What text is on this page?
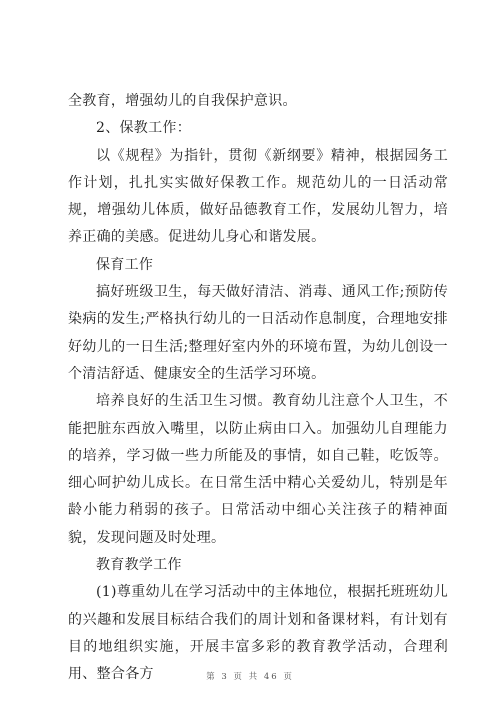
全教育，增强幼儿的自我保护意识。

2、保教工作：

以《规程》为指针，贯彻《新纲要》精神，根据园务工作计划，扎扎实实做好保教工作。规范幼儿的一日活动常规，增强幼儿体质，做好品德教育工作，发展幼儿智力，培养正确的美感。促进幼儿身心和谐发展。

保育工作

搞好班级卫生，每天做好清洁、消毒、通风工作;预防传染病的发生;严格执行幼儿的一日活动作息制度，合理地安排好幼儿的一日生活;整理好室内外的环境布置，为幼儿创设一个清洁舒适、健康安全的生活学习环境。

培养良好的生活卫生习惯。教育幼儿注意个人卫生，不能把脏东西放入嘴里，以防止病由口入。加强幼儿自理能力的培养，学习做一些力所能及的事情，如自己鞋，吃饭等。细心呵护幼儿成长。在日常生活中精心关爱幼儿，特别是年龄小能力稍弱的孩子。日常活动中细心关注孩子的精神面貌，发现问题及时处理。

教育教学工作

(1)尊重幼儿在学习活动中的主体地位，根据托班班幼儿的兴趣和发展目标结合我们的周计划和备课材料，有计划有目的地组织实施，开展丰富多彩的教育教学活动，合理利用、整合各方	第 3 页 共 46 页
